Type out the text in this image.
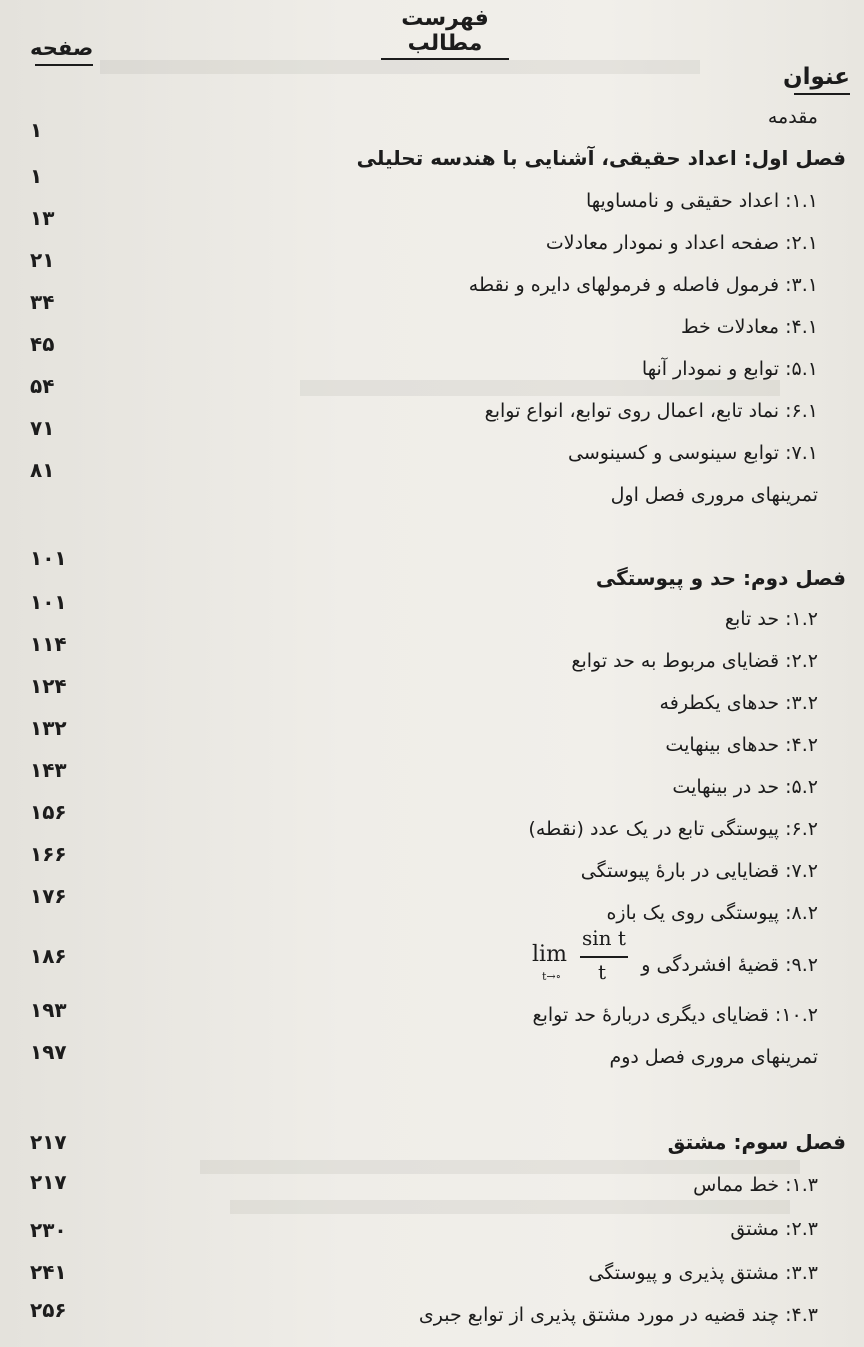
فهرست مطالب
صفحه
عنوان
مقدمه
فصل اول: اعداد حقیقی، آشنایی با هندسه تحلیلی
۱.۱: اعداد حقیقی و نامساویها
۲.۱: صفحه اعداد و نمودار معادلات
۳.۱: فرمول فاصله و فرمولهای دایره و نقطه
۴.۱: معادلات خط
۵.۱: توابع و نمودار آنها
۶.۱: نماد تابع، اعمال روی توابع، انواع توابع
۷.۱: توابع سینوسی و کسینوسی
تمرینهای مروری فصل اول
فصل دوم: حد و پیوستگی
۱.۲: حد تابع
۲.۲: قضایای مربوط به حد توابع
۳.۲: حدهای یکطرفه
۴.۲: حدهای بینهایت
۵.۲: حد در بینهایت
۶.۲: پیوستگی تابع در یک عدد (نقطه)
۷.۲: قضایایی در بارهٔ پیوستگی
۸.۲: پیوستگی روی یک بازه
۹.۲: قضیهٔ افشردگی و
lim
t→∘
sin t
t
۱۰.۲: قضایای دیگری دربارهٔ حد توابع
تمرینهای مروری فصل دوم
فصل سوم: مشتق
۱.۳: خط مماس
۲.۳: مشتق
۳.۳: مشتق پذیری و پیوستگی
۴.۳: چند قضیه در مورد مشتق پذیری از توابع جبری
۱
۱
۱۳
۲۱
۳۴
۴۵
۵۴
۷۱
۸۱
۱۰۱
۱۰۱
۱۱۴
۱۲۴
۱۳۲
۱۴۳
۱۵۶
۱۶۶
۱۷۶
۱۸۶
۱۹۳
۱۹۷
۲۱۷
۲۱۷
۲۳۰
۲۴۱
۲۵۶
